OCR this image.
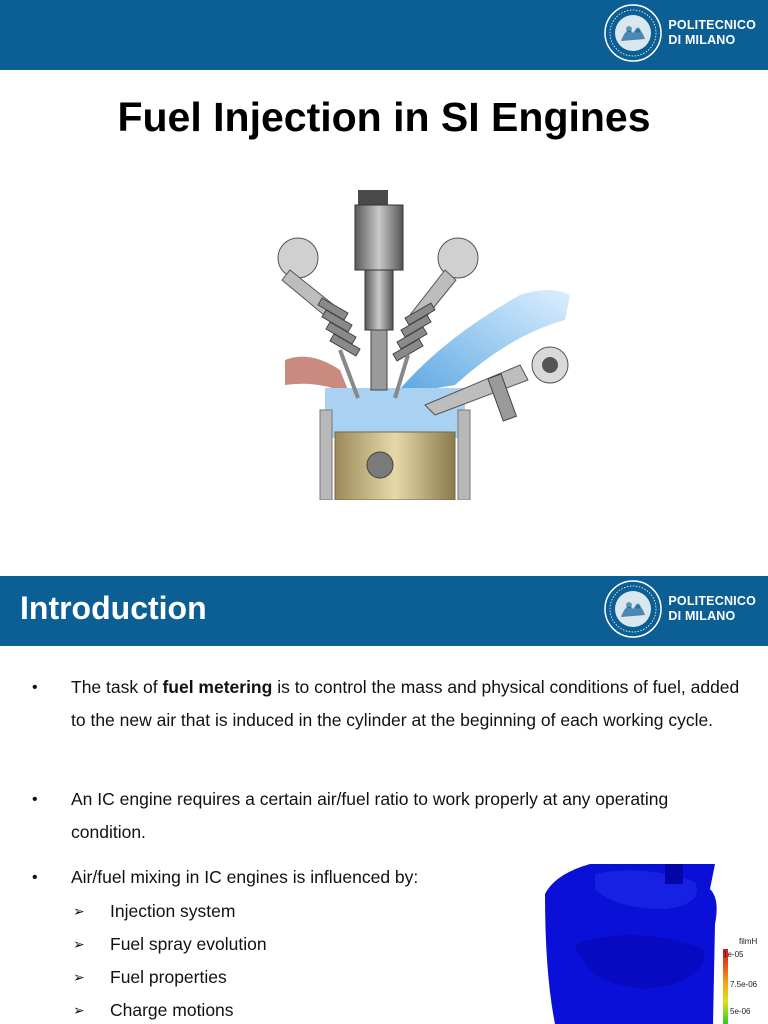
POLITECNICO
DI MILANO
Fuel Injection in SI Engines
Introduction	POLITECNICO
DI MILANO
• The task of fuel metering is to control the mass and physical conditions of fuel, added to the new air that is induced in the cylinder at the beginning of each working cycle.
• An IC engine requires a certain air/fuel ratio to work properly at any operating condition.
• Air/fuel mixing in IC engines is influenced by:
➢ Injection system
➢ Fuel spray evolution
➢ Fuel properties
➢ Charge motions
filmH
1e-05
7.5e-06
5e-06
